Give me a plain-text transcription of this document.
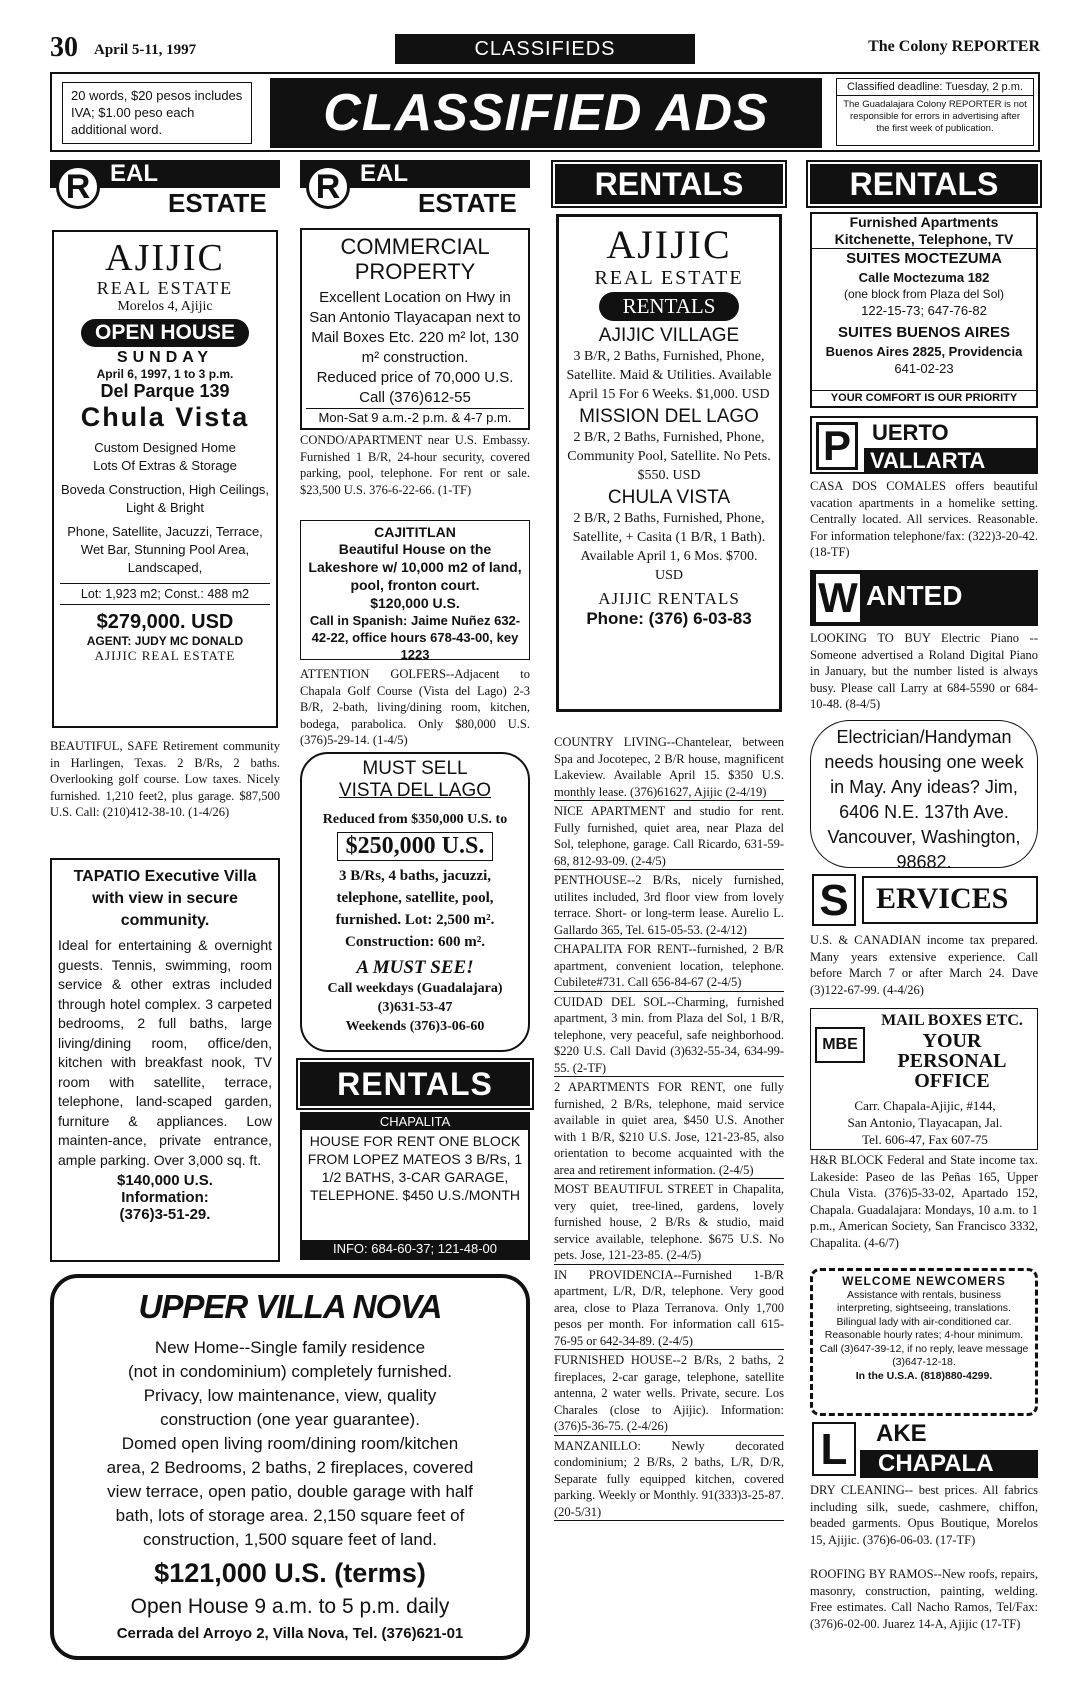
30 April 5-11, 1997	CLASSIFIEDS	The Colony REPORTER
20 words, $20 pesos includes IVA; $1.00 peso each additional word.	CLASSIFIED ADS	Classified deadline: Tuesday, 2 p.m.
The Guadalajara Colony REPORTER is not responsible for errors in advertising after the first week of publication.
R EAL
ESTATE
AJIJIC
REAL ESTATE
Morelos 4, Ajijic
OPEN HOUSE
SUNDAY
April 6, 1997, 1 to 3 p.m.
Del Parque 139
Chula Vista
Custom Designed Home
Lots Of Extras & Storage
Boveda Construction, High Ceilings, Light & Bright
Phone, Satellite, Jacuzzi, Terrace, Wet Bar, Stunning Pool Area, Landscaped,
Lot: 1,923 m2; Const.: 488 m2
$279,000. USD
AGENT: JUDY MC DONALD
AJIJIC REAL ESTATE
BEAUTIFUL, SAFE Retirement community in Harlingen, Texas. 2 B/Rs, 2 baths. Overlooking golf course. Low taxes. Nicely furnished. 1,210 feet2, plus garage. $87,500 U.S. Call: (210)412-38-10. (1-4/26)
TAPATIO Executive Villa with view in secure community.
Ideal for entertaining & overnight guests. Tennis, swimming, room service & other extras included through hotel complex. 3 carpeted bedrooms, 2 full baths, large living/dining room, office/den, kitchen with breakfast nook, TV room with satellite, terrace, telephone, land-scaped garden, furniture & appliances. Low mainten-ance, private entrance, ample parking. Over 3,000 sq. ft.
$140,000 U.S.
Information:
(376)3-51-29.
R EAL
ESTATE
COMMERCIAL
PROPERTY
Excellent Location on Hwy in San Antonio Tlayacapan next to Mail Boxes Etc. 220 m² lot, 130 m² construction.
Reduced price of 70,000 U.S.
Call (376)612-55
Mon-Sat 9 a.m.-2 p.m. & 4-7 p.m.
CONDO/APARTMENT near U.S. Embassy. Furnished 1 B/R, 24-hour security, covered parking, pool, telephone. For rent or sale. $23,500 U.S. 376-6-22-66. (1-TF)
CAJITITLAN
Beautiful House on the Lakeshore w/ 10,000 m2 of land, pool, fronton court.
$120,000 U.S.
Call in Spanish: Jaime Nuñez 632-42-22, office hours 678-43-00, key 1223
ATTENTION GOLFERS--Adjacent to Chapala Golf Course (Vista del Lago) 2-3 B/R, 2-bath, living/dining room, kitchen, bodega, parabolica. Only $80,000 U.S. (376)5-29-14. (1-4/5)
MUST SELL
VISTA DEL LAGO
Reduced from $350,000 U.S. to
$250,000 U.S.
3 B/Rs, 4 baths, jacuzzi, telephone, satellite, pool, furnished. Lot: 2,500 m². Construction: 600 m².
A MUST SEE!
Call weekdays (Guadalajara) (3)631-53-47
Weekends (376)3-06-60
RENTALS
CHAPALITA
HOUSE FOR RENT ONE BLOCK FROM LOPEZ MATEOS 3 B/Rs, 1 1/2 BATHS, 3-CAR GARAGE, TELEPHONE. $450 U.S./MONTH
INFO: 684-60-37; 121-48-00
UPPER VILLA NOVA
New Home--Single family residence
(not in condominium) completely furnished.
Privacy, low maintenance, view, quality
construction (one year guarantee).
Domed open living room/dining room/kitchen
area, 2 Bedrooms, 2 baths, 2 fireplaces, covered
view terrace, open patio, double garage with half
bath, lots of storage area. 2,150 square feet of
construction, 1,500 square feet of land.
$121,000 U.S. (terms)
Open House 9 a.m. to 5 p.m. daily
Cerrada del Arroyo 2, Villa Nova, Tel. (376)621-01
RENTALS
AJIJIC
REAL ESTATE
RENTALS
AJIJIC VILLAGE
3 B/R, 2 Baths, Furnished, Phone, Satellite. Maid & Utilities. Available April 15 For 6 Weeks. $1,000. USD
MISSION DEL LAGO
2 B/R, 2 Baths, Furnished, Phone, Community Pool, Satellite. No Pets. $550. USD
CHULA VISTA
2 B/R, 2 Baths, Furnished, Phone, Satellite, + Casita (1 B/R, 1 Bath). Available April 1, 6 Mos. $700. USD
AJIJIC RENTALS
Phone: (376) 6-03-83
COUNTRY LIVING--Chantelear, between Spa and Jocotepec, 2 B/R house, magnificent Lakeview. Available April 15. $350 U.S. monthly lease. (376)61627, Ajijic (2-4/19)
NICE APARTMENT and studio for rent. Fully furnished, quiet area, near Plaza del Sol, telephone, garage. Call Ricardo, 631-59-68, 812-93-09. (2-4/5)
PENTHOUSE--2 B/Rs, nicely furnished, utilites included, 3rd floor view from lovely terrace. Short- or long-term lease. Aurelio L. Gallardo 365, Tel. 615-05-53. (2-4/12)
CHAPALITA FOR RENT--furnished, 2 B/R apartment, convenient location, telephone. Cubilete#731. Call 656-84-67 (2-4/5)
CUIDAD DEL SOL--Charming, furnished apartment, 3 min. from Plaza del Sol, 1 B/R, telephone, very peaceful, safe neighborhood. $220 U.S. Call David (3)632-55-34, 634-99-55. (2-TF)
2 APARTMENTS FOR RENT, one fully furnished, 2 B/Rs, telephone, maid service available in quiet area, $450 U.S. Another with 1 B/R, $210 U.S. Jose, 121-23-85, also orientation to become acquainted with the area and retirement information. (2-4/5)
MOST BEAUTIFUL STREET in Chapalita, very quiet, tree-lined, gardens, lovely furnished house, 2 B/Rs & studio, maid service available, telephone. $675 U.S. No pets. Jose, 121-23-85. (2-4/5)
IN PROVIDENCIA--Furnished 1-B/R apartment, L/R, D/R, telephone. Very good area, close to Plaza Terranova. Only 1,700 pesos per month. For information call 615-76-95 or 642-34-89. (2-4/5)
FURNISHED HOUSE--2 B/Rs, 2 baths, 2 fireplaces, 2-car garage, telephone, satellite antenna, 2 water wells. Private, secure. Los Charales (close to Ajijic). Information: (376)5-36-75. (2-4/26)
MANZANILLO: Newly decorated condominium; 2 B/Rs, 2 baths, L/R, D/R, Separate fully equipped kitchen, covered parking. Weekly or Monthly. 91(333)3-25-87. (20-5/31)
RENTALS
Furnished Apartments
Kitchenette, Telephone, TV
SUITES MOCTEZUMA
Calle Moctezuma 182
(one block from Plaza del Sol)
122-15-73; 647-76-82
SUITES BUENOS AIRES
Buenos Aires 2825, Providencia
641-02-23
YOUR COMFORT IS OUR PRIORITY
P UERTO
VALLARTA
CASA DOS COMALES offers beautiful vacation apartments in a homelike setting. Centrally located. All services. Reasonable. For information telephone/fax: (322)3-20-42. (18-TF)
W ANTED
LOOKING TO BUY Electric Piano --Someone advertised a Roland Digital Piano in January, but the number listed is always busy. Please call Larry at 684-5590 or 684-10-48. (8-4/5)
Electrician/Handyman needs housing one week in May. Any ideas? Jim, 6406 N.E. 137th Ave. Vancouver, Washington, 98682.
S ERVICES
U.S. & CANADIAN income tax prepared. Many years extensive experience. Call before March 7 or after March 24. Dave (3)122-67-99. (4-4/26)
MBE
MAIL BOXES ETC.
YOUR
PERSONAL
OFFICE
Carr. Chapala-Ajijic, #144,
San Antonio, Tlayacapan, Jal.
Tel. 606-47, Fax 607-75
H&R BLOCK Federal and State income tax. Lakeside: Paseo de las Peñas 165, Upper Chula Vista. (376)5-33-02, Apartado 152, Chapala. Guadalajara: Mondays, 10 a.m. to 1 p.m., American Society, San Francisco 3332, Chapalita. (4-6/7)
WELCOME NEWCOMERS
Assistance with rentals, business interpreting, sightseeing, translations.
Bilingual lady with air-conditioned car.
Reasonable hourly rates; 4-hour minimum.
Call (3)647-39-12, if no reply, leave message (3)647-12-18.
In the U.S.A. (818)880-4299.
L	AKE
CHAPALA
DRY CLEANING-- best prices. All fabrics including silk, suede, cashmere, chiffon, beaded garments. Opus Boutique, Morelos 15, Ajijic. (376)6-06-03. (17-TF)
ROOFING BY RAMOS--New roofs, repairs, masonry, construction, painting, welding. Free estimates. Call Nacho Ramos, Tel/Fax: (376)6-02-00. Juarez 14-A, Ajijic (17-TF)
